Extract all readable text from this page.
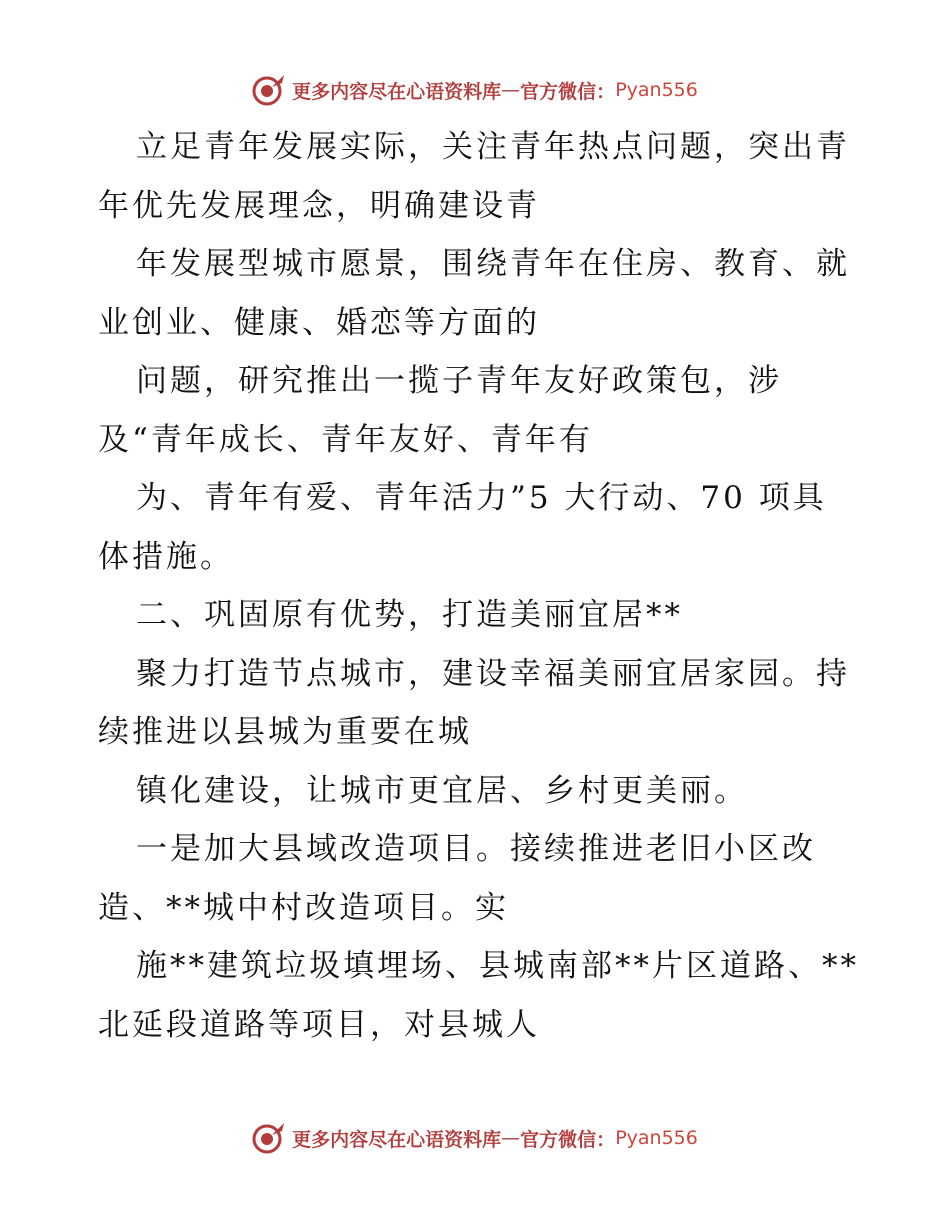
更多内容尽在心语资料库 — 官方微信： Pyan556
立足青年发展实际，关注青年热点问题，突出青
年优先发展理念，明确建设青
年发展型城市愿景，围绕青年在住房、教育、就
业创业、健康、婚恋等方面的
问题，研究推出一揽子青年友好政策包，涉
及“青年成长、青年友好、青年有
为、青年有爱、青年活力”5 大行动、70 项具
体措施。
二、巩固原有优势，打造美丽宜居**
聚力打造节点城市，建设幸福美丽宜居家园。持
续推进以县城为重要在城
镇化建设，让城市更宜居、乡村更美丽。
一是加大县域改造项目。接续推进老旧小区改
造、**城中村改造项目。实
施**建筑垃圾填埋场、县城南部**片区道路、**
北延段道路等项目，对县城人
更多内容尽在心语资料库 — 官方微信： Pyan556
